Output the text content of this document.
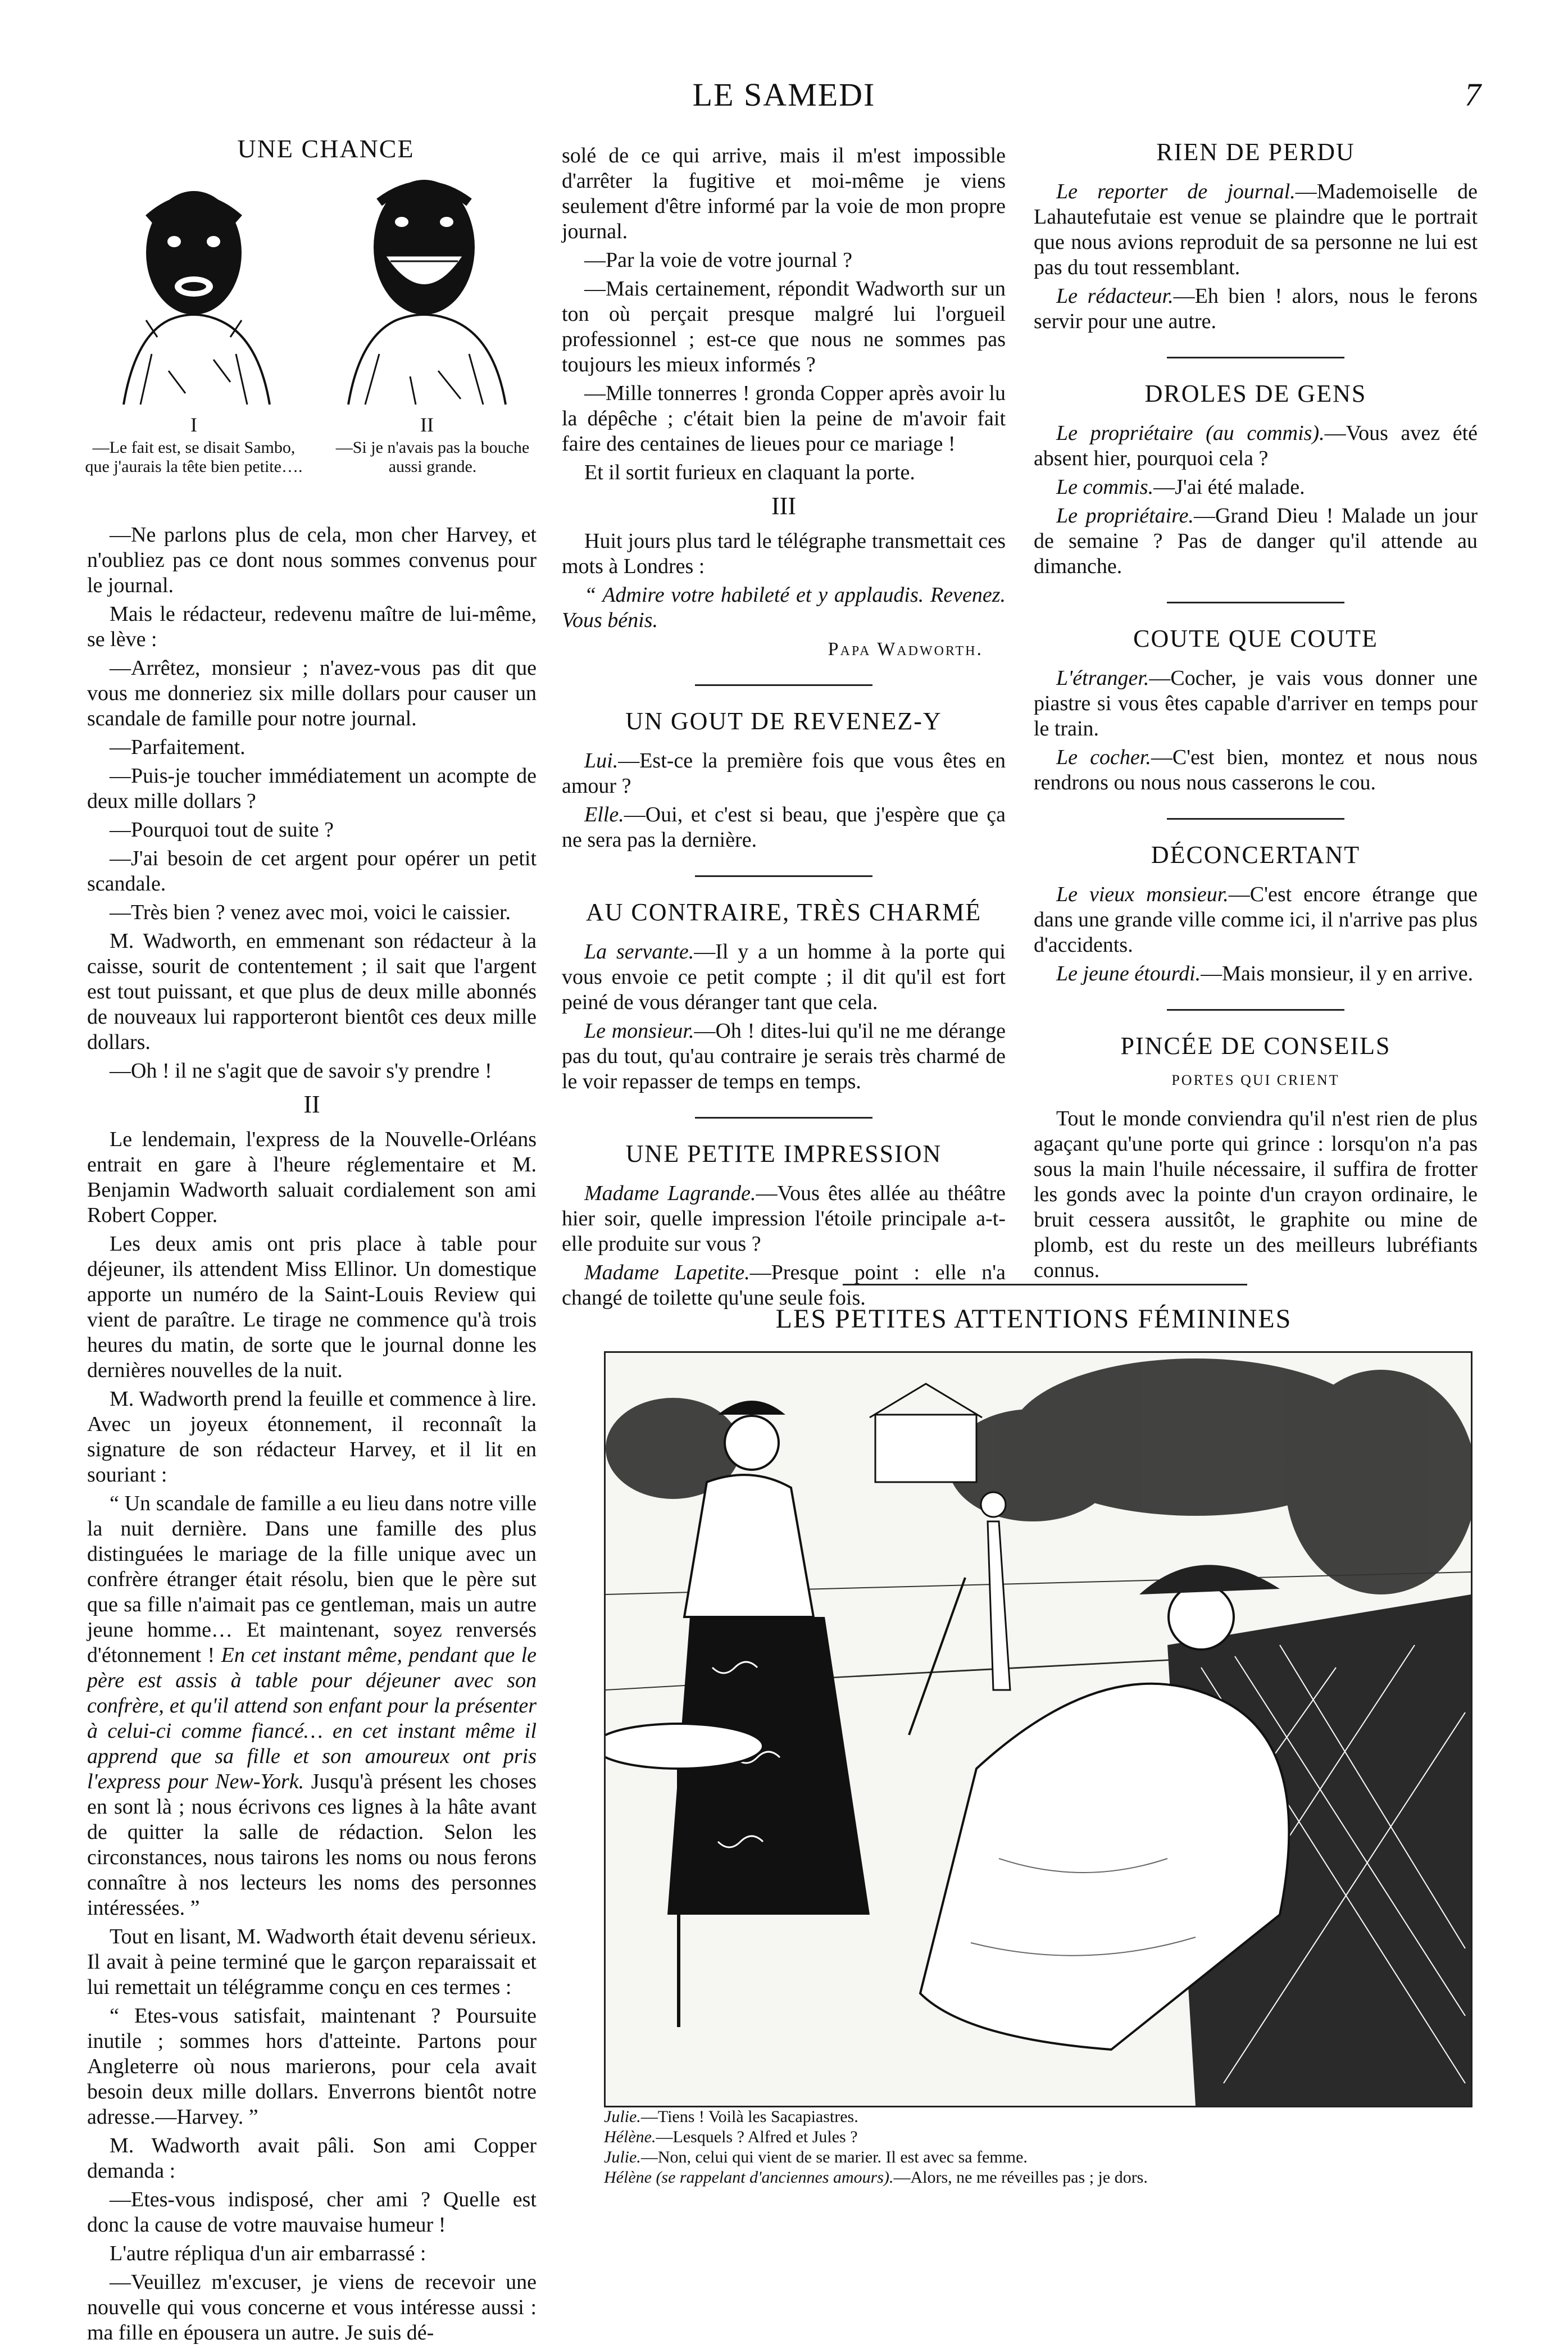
LE SAMEDI	7
UNE CHANCE
I
—Le fait est, se disait Sambo, que j'aurais la tête bien petite….
II
—Si je n'avais pas la bouche aussi grande.

—Ne parlons plus de cela, mon cher Harvey, et n'oubliez pas ce dont nous sommes convenus pour le journal.

Mais le rédacteur, redevenu maître de lui-même, se lève :

—Arrêtez, monsieur ; n'avez-vous pas dit que vous me donneriez six mille dollars pour causer un scandale de famille pour notre journal.

—Parfaitement.

—Puis-je toucher immédiatement un acompte de deux mille dollars ?

—Pourquoi tout de suite ?

—J'ai besoin de cet argent pour opérer un petit scandale.

—Très bien ? venez avec moi, voici le caissier.

M. Wadworth, en emmenant son rédacteur à la caisse, sourit de contentement ; il sait que l'argent est tout puissant, et que plus de deux mille abonnés de nouveaux lui rapporteront bientôt ces deux mille dollars.

—Oh ! il ne s'agit que de savoir s'y prendre !

II

Le lendemain, l'express de la Nouvelle-Orléans entrait en gare à l'heure réglementaire et M. Benjamin Wadworth saluait cordialement son ami Robert Copper.

Les deux amis ont pris place à table pour déjeuner, ils attendent Miss Ellinor. Un domestique apporte un numéro de la Saint-Louis Review qui vient de paraître. Le tirage ne commence qu'à trois heures du matin, de sorte que le journal donne les dernières nouvelles de la nuit.

M. Wadworth prend la feuille et commence à lire. Avec un joyeux étonnement, il reconnaît la signature de son rédacteur Harvey, et il lit en souriant :

“ Un scandale de famille a eu lieu dans notre ville la nuit dernière. Dans une famille des plus distinguées le mariage de la fille unique avec un confrère étranger était résolu, bien que le père sut que sa fille n'aimait pas ce gentleman, mais un autre jeune homme… Et maintenant, soyez renversés d'étonnement ! En cet instant même, pendant que le père est assis à table pour déjeuner avec son confrère, et qu'il attend son enfant pour la présenter à celui-ci comme fiancé… en cet instant même il apprend que sa fille et son amoureux ont pris l'express pour New-York. Jusqu'à présent les choses en sont là ; nous écrivons ces lignes à la hâte avant de quitter la salle de rédaction. Selon les circonstances, nous tairons les noms ou nous ferons connaître à nos lecteurs les noms des personnes intéressées. ”

Tout en lisant, M. Wadworth était devenu sérieux. Il avait à peine terminé que le garçon reparaissait et lui remettait un télégramme conçu en ces termes :

“ Etes-vous satisfait, maintenant ? Poursuite inutile ; sommes hors d'atteinte. Partons pour Angleterre où nous marierons, pour cela avait besoin deux mille dollars. Enverrons bientôt notre adresse.—Harvey. ”

M. Wadworth avait pâli. Son ami Copper demanda :

—Etes-vous indisposé, cher ami ? Quelle est donc la cause de votre mauvaise humeur !

L'autre répliqua d'un air embarrassé :

—Veuillez m'excuser, je viens de recevoir une nouvelle qui vous concerne et vous intéresse aussi : ma fille en épousera un autre. Je suis dé-

solé de ce qui arrive, mais il m'est impossible d'arrêter la fugitive et moi-même je viens seulement d'être informé par la voie de mon propre journal.

—Par la voie de votre journal ?

—Mais certainement, répondit Wadworth sur un ton où perçait presque malgré lui l'orgueil professionnel ; est-ce que nous ne sommes pas toujours les mieux informés ?

—Mille tonnerres ! gronda Copper après avoir lu la dépêche ; c'était bien la peine de m'avoir fait faire des centaines de lieues pour ce mariage !

Et il sortit furieux en claquant la porte.

III

Huit jours plus tard le télégraphe transmettait ces mots à Londres :

“ Admire votre habileté et y applaudis. Revenez. Vous bénis.

Papa Wadworth.
UN GOUT DE REVENEZ-Y

Lui.—Est-ce la première fois que vous êtes en amour ?

Elle.—Oui, et c'est si beau, que j'espère que ça ne sera pas la dernière.

AU CONTRAIRE, TRÈS CHARMÉ

La servante.—Il y a un homme à la porte qui vous envoie ce petit compte ; il dit qu'il est fort peiné de vous déranger tant que cela.

Le monsieur.—Oh ! dites-lui qu'il ne me dérange pas du tout, qu'au contraire je serais très charmé de le voir repasser de temps en temps.

UNE PETITE IMPRESSION

Madame Lagrande.—Vous êtes allée au théâtre hier soir, quelle impression l'étoile principale a-t-elle produite sur vous ?

Madame Lapetite.—Presque point : elle n'a changé de toilette qu'une seule fois.

RIEN DE PERDU

Le reporter de journal.—Mademoiselle de Lahautefutaie est venue se plaindre que le portrait que nous avions reproduit de sa personne ne lui est pas du tout ressemblant.

Le rédacteur.—Eh bien ! alors, nous le ferons servir pour une autre.

DROLES DE GENS

Le propriétaire (au commis).—Vous avez été absent hier, pourquoi cela ?

Le commis.—J'ai été malade.

Le propriétaire.—Grand Dieu ! Malade un jour de semaine ? Pas de danger qu'il attende au dimanche.

COUTE QUE COUTE

L'étranger.—Cocher, je vais vous donner une piastre si vous êtes capable d'arriver en temps pour le train.

Le cocher.—C'est bien, montez et nous nous rendrons ou nous nous casserons le cou.

DÉCONCERTANT

Le vieux monsieur.—C'est encore étrange que dans une grande ville comme ici, il n'arrive pas plus d'accidents.

Le jeune étourdi.—Mais monsieur, il y en arrive.

PINCÉE DE CONSEILS
PORTES QUI CRIENT

Tout le monde conviendra qu'il n'est rien de plus agaçant qu'une porte qui grince : lorsqu'on n'a pas sous la main l'huile nécessaire, il suffira de frotter les gonds avec la pointe d'un crayon ordinaire, le bruit cessera aussitôt, le graphite ou mine de plomb, est du reste un des meilleurs lubréfiants connus.

LES PETITES ATTENTIONS FÉMININES
Julie.—Tiens ! Voilà les Sacapiastres.
Hélène.—Lesquels ? Alfred et Jules ?
Julie.—Non, celui qui vient de se marier. Il est avec sa femme.
Hélène (se rappelant d'anciennes amours).—Alors, ne me réveilles pas ; je dors.
